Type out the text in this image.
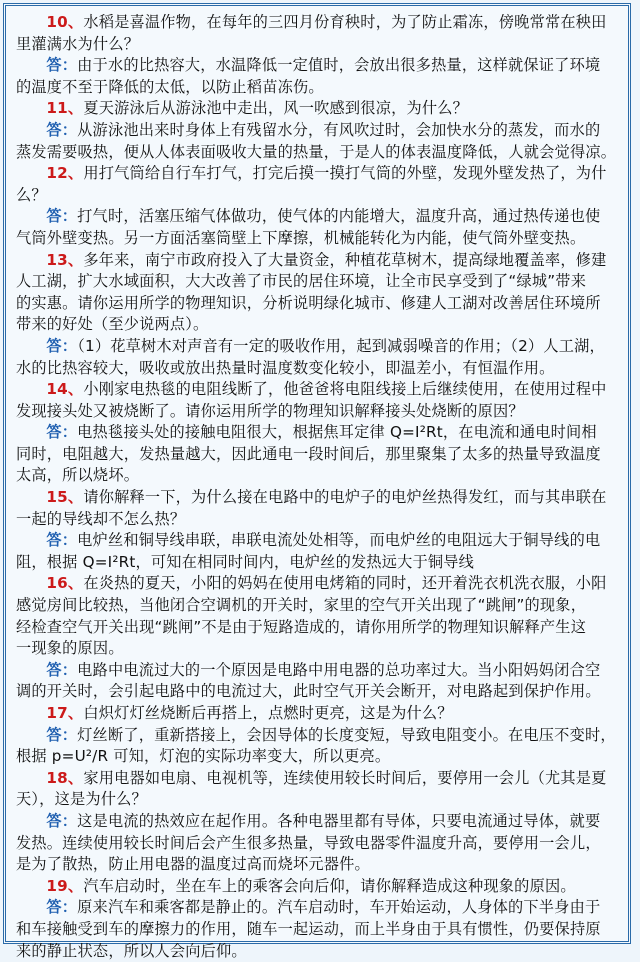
10、水稻是喜温作物，在每年的三四月份育秧时，为了防止霜冻，傍晚常常在秧田
里灌满水为什么？
答：由于水的比热容大，水温降低一定值时，会放出很多热量，这样就保证了环境
的温度不至于降低的太低，以防止稻苗冻伤。
11、夏天游泳后从游泳池中走出，风一吹感到很凉，为什么？
答：从游泳池出来时身体上有残留水分，有风吹过时，会加快水分的蒸发，而水的
蒸发需要吸热，便从人体表面吸收大量的热量，于是人的体表温度降低，人就会觉得凉。
12、用打气筒给自行车打气，打完后摸一摸打气筒的外壁，发现外壁发热了，为什
么？
答：打气时，活塞压缩气体做功，使气体的内能增大，温度升高，通过热传递也使
气筒外壁变热。另一方面活塞筒壁上下摩擦，机械能转化为内能，使气筒外壁变热。
13、多年来，南宁市政府投入了大量资金，种植花草树木，提高绿地覆盖率，修建
人工湖，扩大水域面积，大大改善了市民的居住环境，让全市民享受到了“绿城”带来
的实惠。请你运用所学的物理知识，分析说明绿化城市、修建人工湖对改善居住环境所
带来的好处（至少说两点）。
答：（1）花草树木对声音有一定的吸收作用，起到减弱噪音的作用；（2）人工湖，
水的比热容较大，吸收或放出热量时温度数变化较小，即温差小，有恒温作用。
14、小刚家电热毯的电阻线断了，他爸爸将电阻线接上后继续使用，在使用过程中
发现接头处又被烧断了。请你运用所学的物理知识解释接头处烧断的原因？
答：电热毯接头处的接触电阻很大，根据焦耳定律 Q=I²Rt，在电流和通电时间相
同时，电阻越大，发热量越大，因此通电一段时间后，那里聚集了太多的热量导致温度
太高，所以烧坏。
15、请你解释一下，为什么接在电路中的电炉子的电炉丝热得发红，而与其串联在
一起的导线却不怎么热？
答：电炉丝和铜导线串联，串联电流处处相等，而电炉丝的电阻远大于铜导线的电
阻，根据 Q=I²Rt，可知在相同时间内，电炉丝的发热远大于铜导线
16、在炎热的夏天，小阳的妈妈在使用电烤箱的同时，还开着洗衣机洗衣服，小阳
感觉房间比较热，当他闭合空调机的开关时，家里的空气开关出现了“跳闸”的现象，
经检查空气开关出现“跳闸”不是由于短路造成的，请你用所学的物理知识解释产生这
一现象的原因。
答：电路中电流过大的一个原因是电路中用电器的总功率过大。当小阳妈妈闭合空
调的开关时，会引起电路中的电流过大，此时空气开关会断开，对电路起到保护作用。
17、白炽灯灯丝烧断后再搭上，点燃时更亮，这是为什么？
答：灯丝断了，重新搭接上，会因导体的长度变短，导致电阻变小。在电压不变时，
根据 p=U²/R 可知，灯泡的实际功率变大，所以更亮。
18、家用电器如电扇、电视机等，连续使用较长时间后，要停用一会儿（尤其是夏
天），这是为什么？
答：这是电流的热效应在起作用。各种电器里都有导体，只要电流通过导体，就要
发热。连续使用较长时间后会产生很多热量，导致电器零件温度升高，要停用一会儿，
是为了散热，防止用电器的温度过高而烧坏元器件。
19、汽车启动时，坐在车上的乘客会向后仰，请你解释造成这种现象的原因。
答：原来汽车和乘客都是静止的。汽车启动时，车开始运动，人身体的下半身由于
和车接触受到车的摩擦力的作用，随车一起运动，而上半身由于具有惯性，仍要保持原
来的静止状态，所以人会向后仰。
